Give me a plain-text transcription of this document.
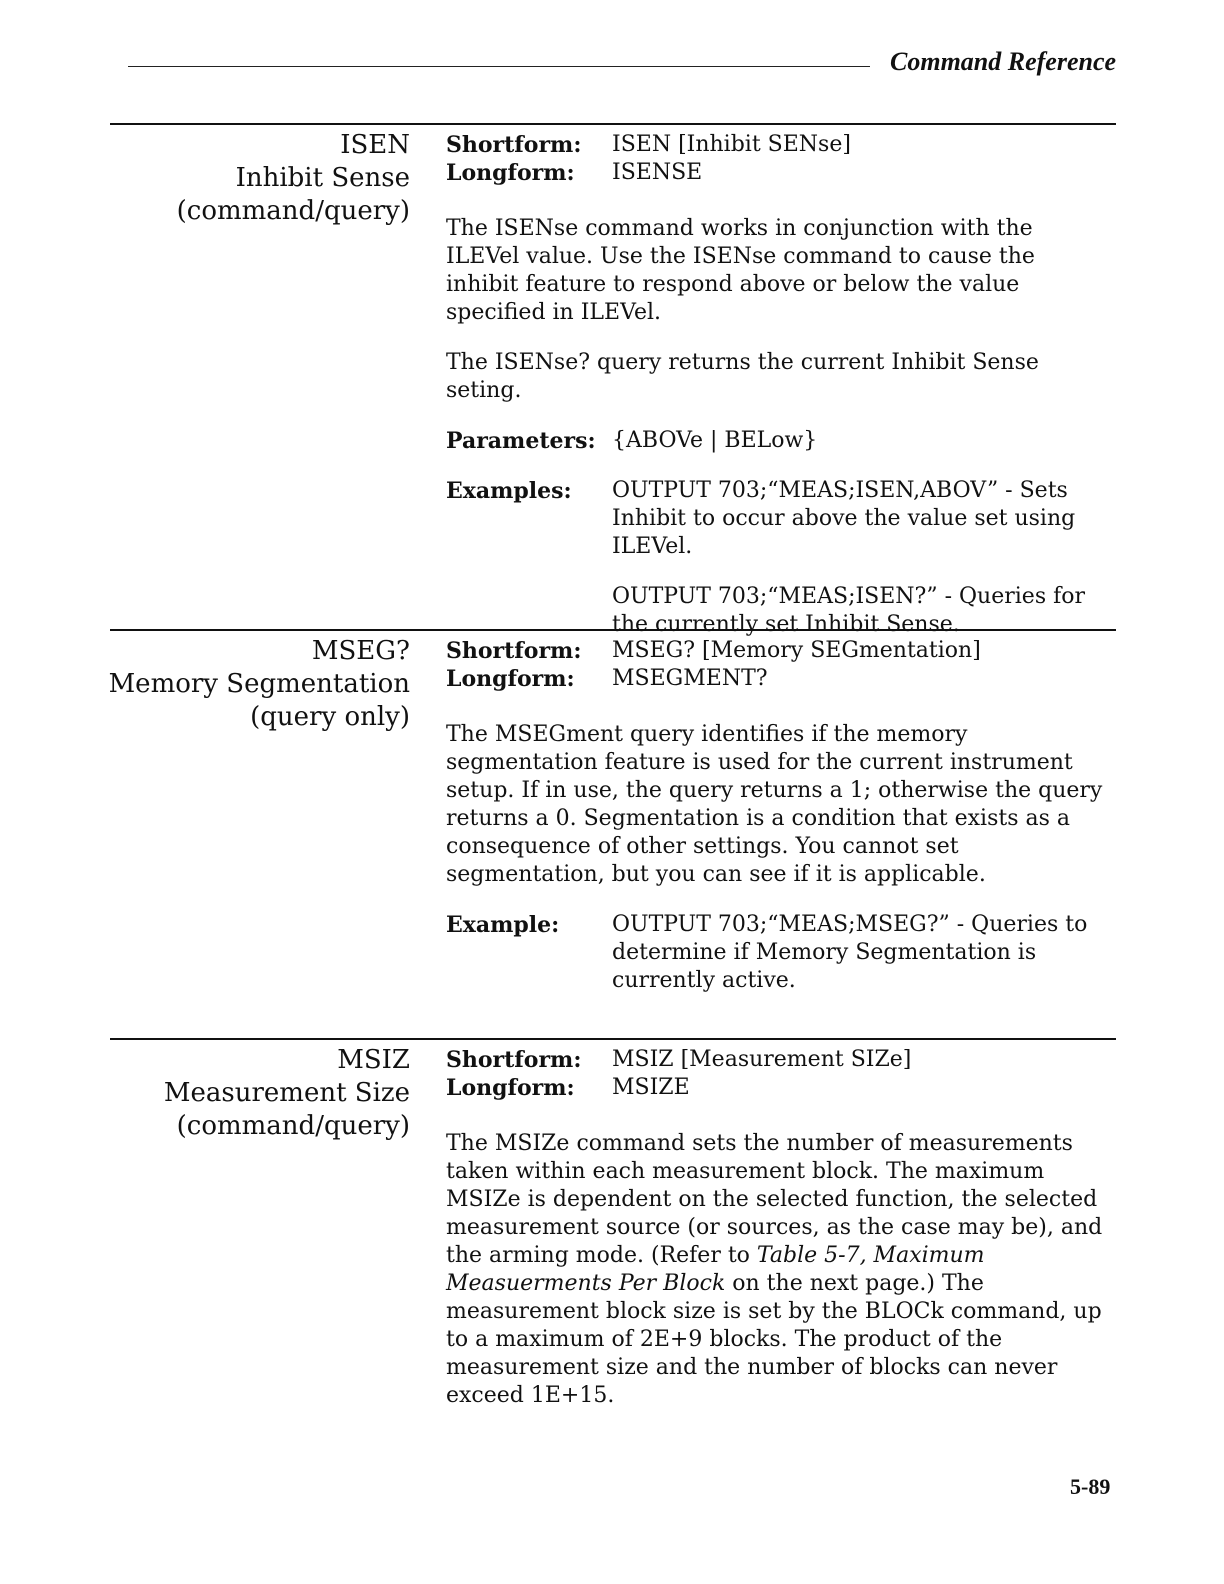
Command Reference
ISEN
Inhibit Sense
(command/query)
Shortform:	ISEN [Inhibit SENse]
Longform:	ISENSE

The ISENse command works in conjunction with the ILEVel value. Use the ISENse command to cause the inhibit feature to respond above or below the value specified in ILEVel.

The ISENse? query returns the current Inhibit Sense seting.

Parameters: {ABOVe | BELow}
Examples:	OUTPUT 703;“MEAS;ISEN,ABOV” - Sets Inhibit to occur above the value set using ILEVel.
OUTPUT 703;“MEAS;ISEN?” - Queries for the currently set Inhibit Sense.
MSEG?
Memory Segmentation
(query only)
Shortform:	MSEG? [Memory SEGmentation]
Longform:	MSEGMENT?

The MSEGment query identifies if the memory segmentation feature is used for the current instrument setup. If in use, the query returns a 1; otherwise the query returns a 0. Segmentation is a condition that exists as a consequence of other settings. You cannot set segmentation, but you can see if it is applicable.

Example:	OUTPUT 703;“MEAS;MSEG?” - Queries to determine if Memory Segmentation is currently active.
MSIZ
Measurement Size
(command/query)
Shortform:	MSIZ [Measurement SIZe]
Longform:	MSIZE

The MSIZe command sets the number of measurements taken within each measurement block. The maximum MSIZe is dependent on the selected function, the selected measurement source (or sources, as the case may be), and the arming mode. (Refer to Table 5-7, Maximum Measuerments Per Block on the next page.) The measurement block size is set by the BLOCk command, up to a maximum of 2E+9 blocks. The product of the measurement size and the number of blocks can never exceed 1E+15.

5-89
